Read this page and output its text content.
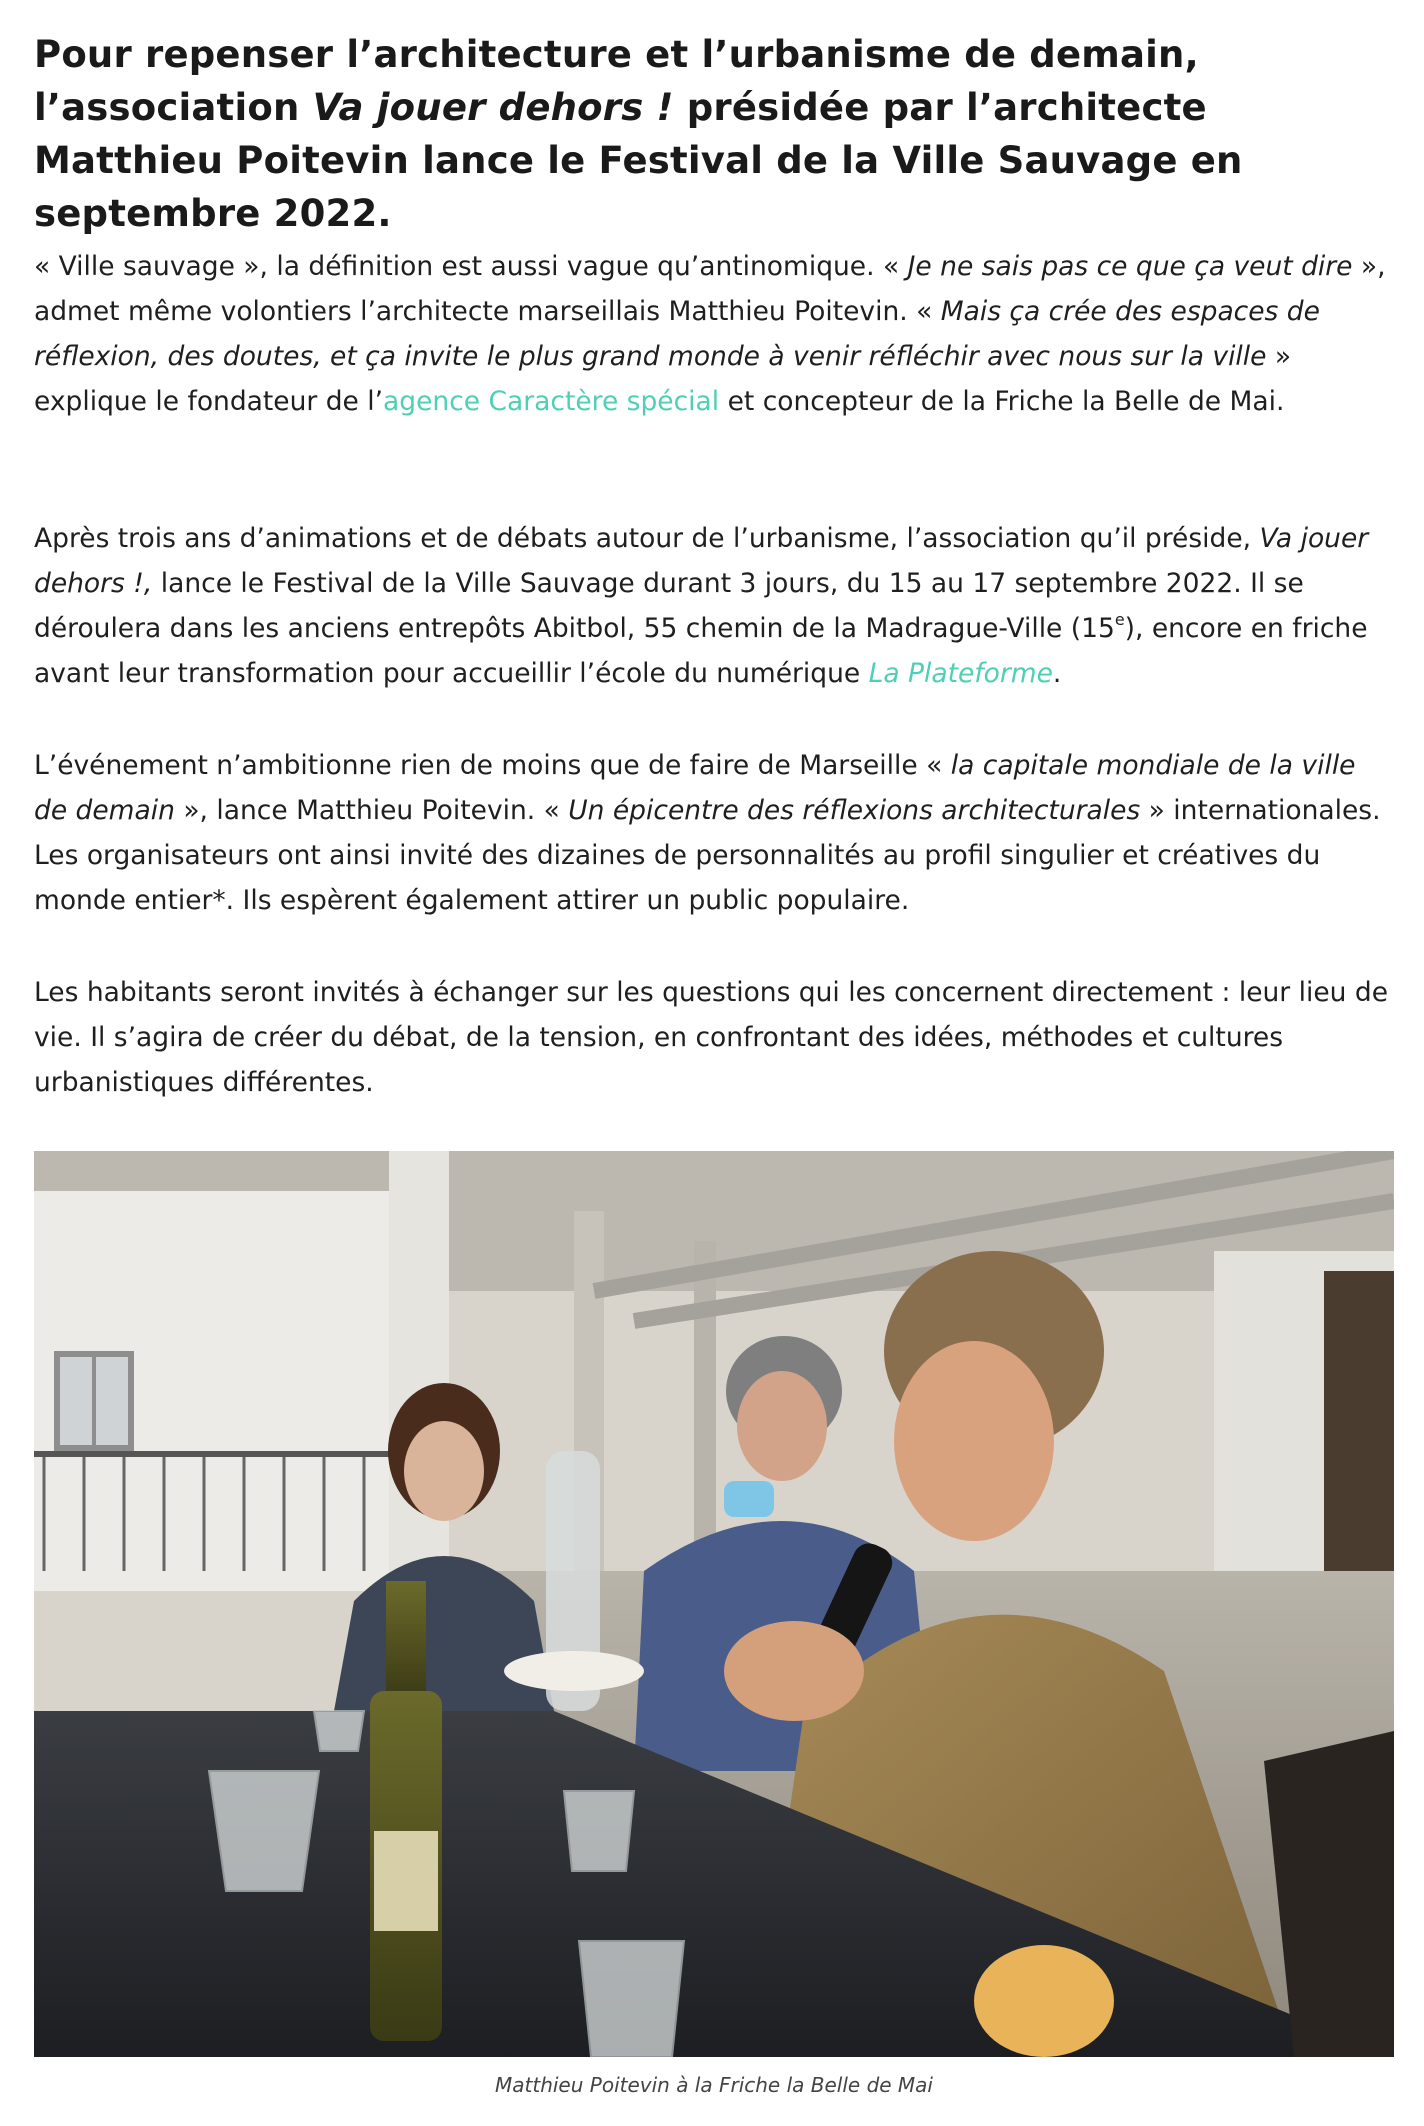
Pour repenser l’architecture et l’urbanisme de demain, l’association Va jouer dehors ! présidée par l’architecte Matthieu Poitevin lance le Festival de la Ville Sauvage en septembre 2022.

« Ville sauvage », la définition est aussi vague qu’antinomique. « Je ne sais pas ce que ça veut dire », admet même volontiers l’architecte marseillais Matthieu Poitevin. « Mais ça crée des espaces de réflexion, des doutes, et ça invite le plus grand monde à venir réfléchir avec nous sur la ville » explique le fondateur de l’agence Caractère spécial et concepteur de la Friche la Belle de Mai.

Après trois ans d’animations et de débats autour de l’urbanisme, l’association qu’il préside, Va jouer dehors !, lance le Festival de la Ville Sauvage durant 3 jours, du 15 au 17 septembre 2022. Il se déroulera dans les anciens entrepôts Abitbol, 55 chemin de la Madrague-Ville (15e), encore en friche avant leur transformation pour accueillir l’école du numérique La Plateforme.

L’événement n’ambitionne rien de moins que de faire de Marseille « la capitale mondiale de la ville de demain », lance Matthieu Poitevin. « Un épicentre des réflexions architecturales » internationales. Les organisateurs ont ainsi invité des dizaines de personnalités au profil singulier et créatives du monde entier*. Ils espèrent également attirer un public populaire.

Les habitants seront invités à échanger sur les questions qui les concernent directement : leur lieu de vie. Il s’agira de créer du débat, de la tension, en confrontant des idées, méthodes et cultures urbanistiques différentes.

Matthieu Poitevin à la Friche la Belle de Mai
